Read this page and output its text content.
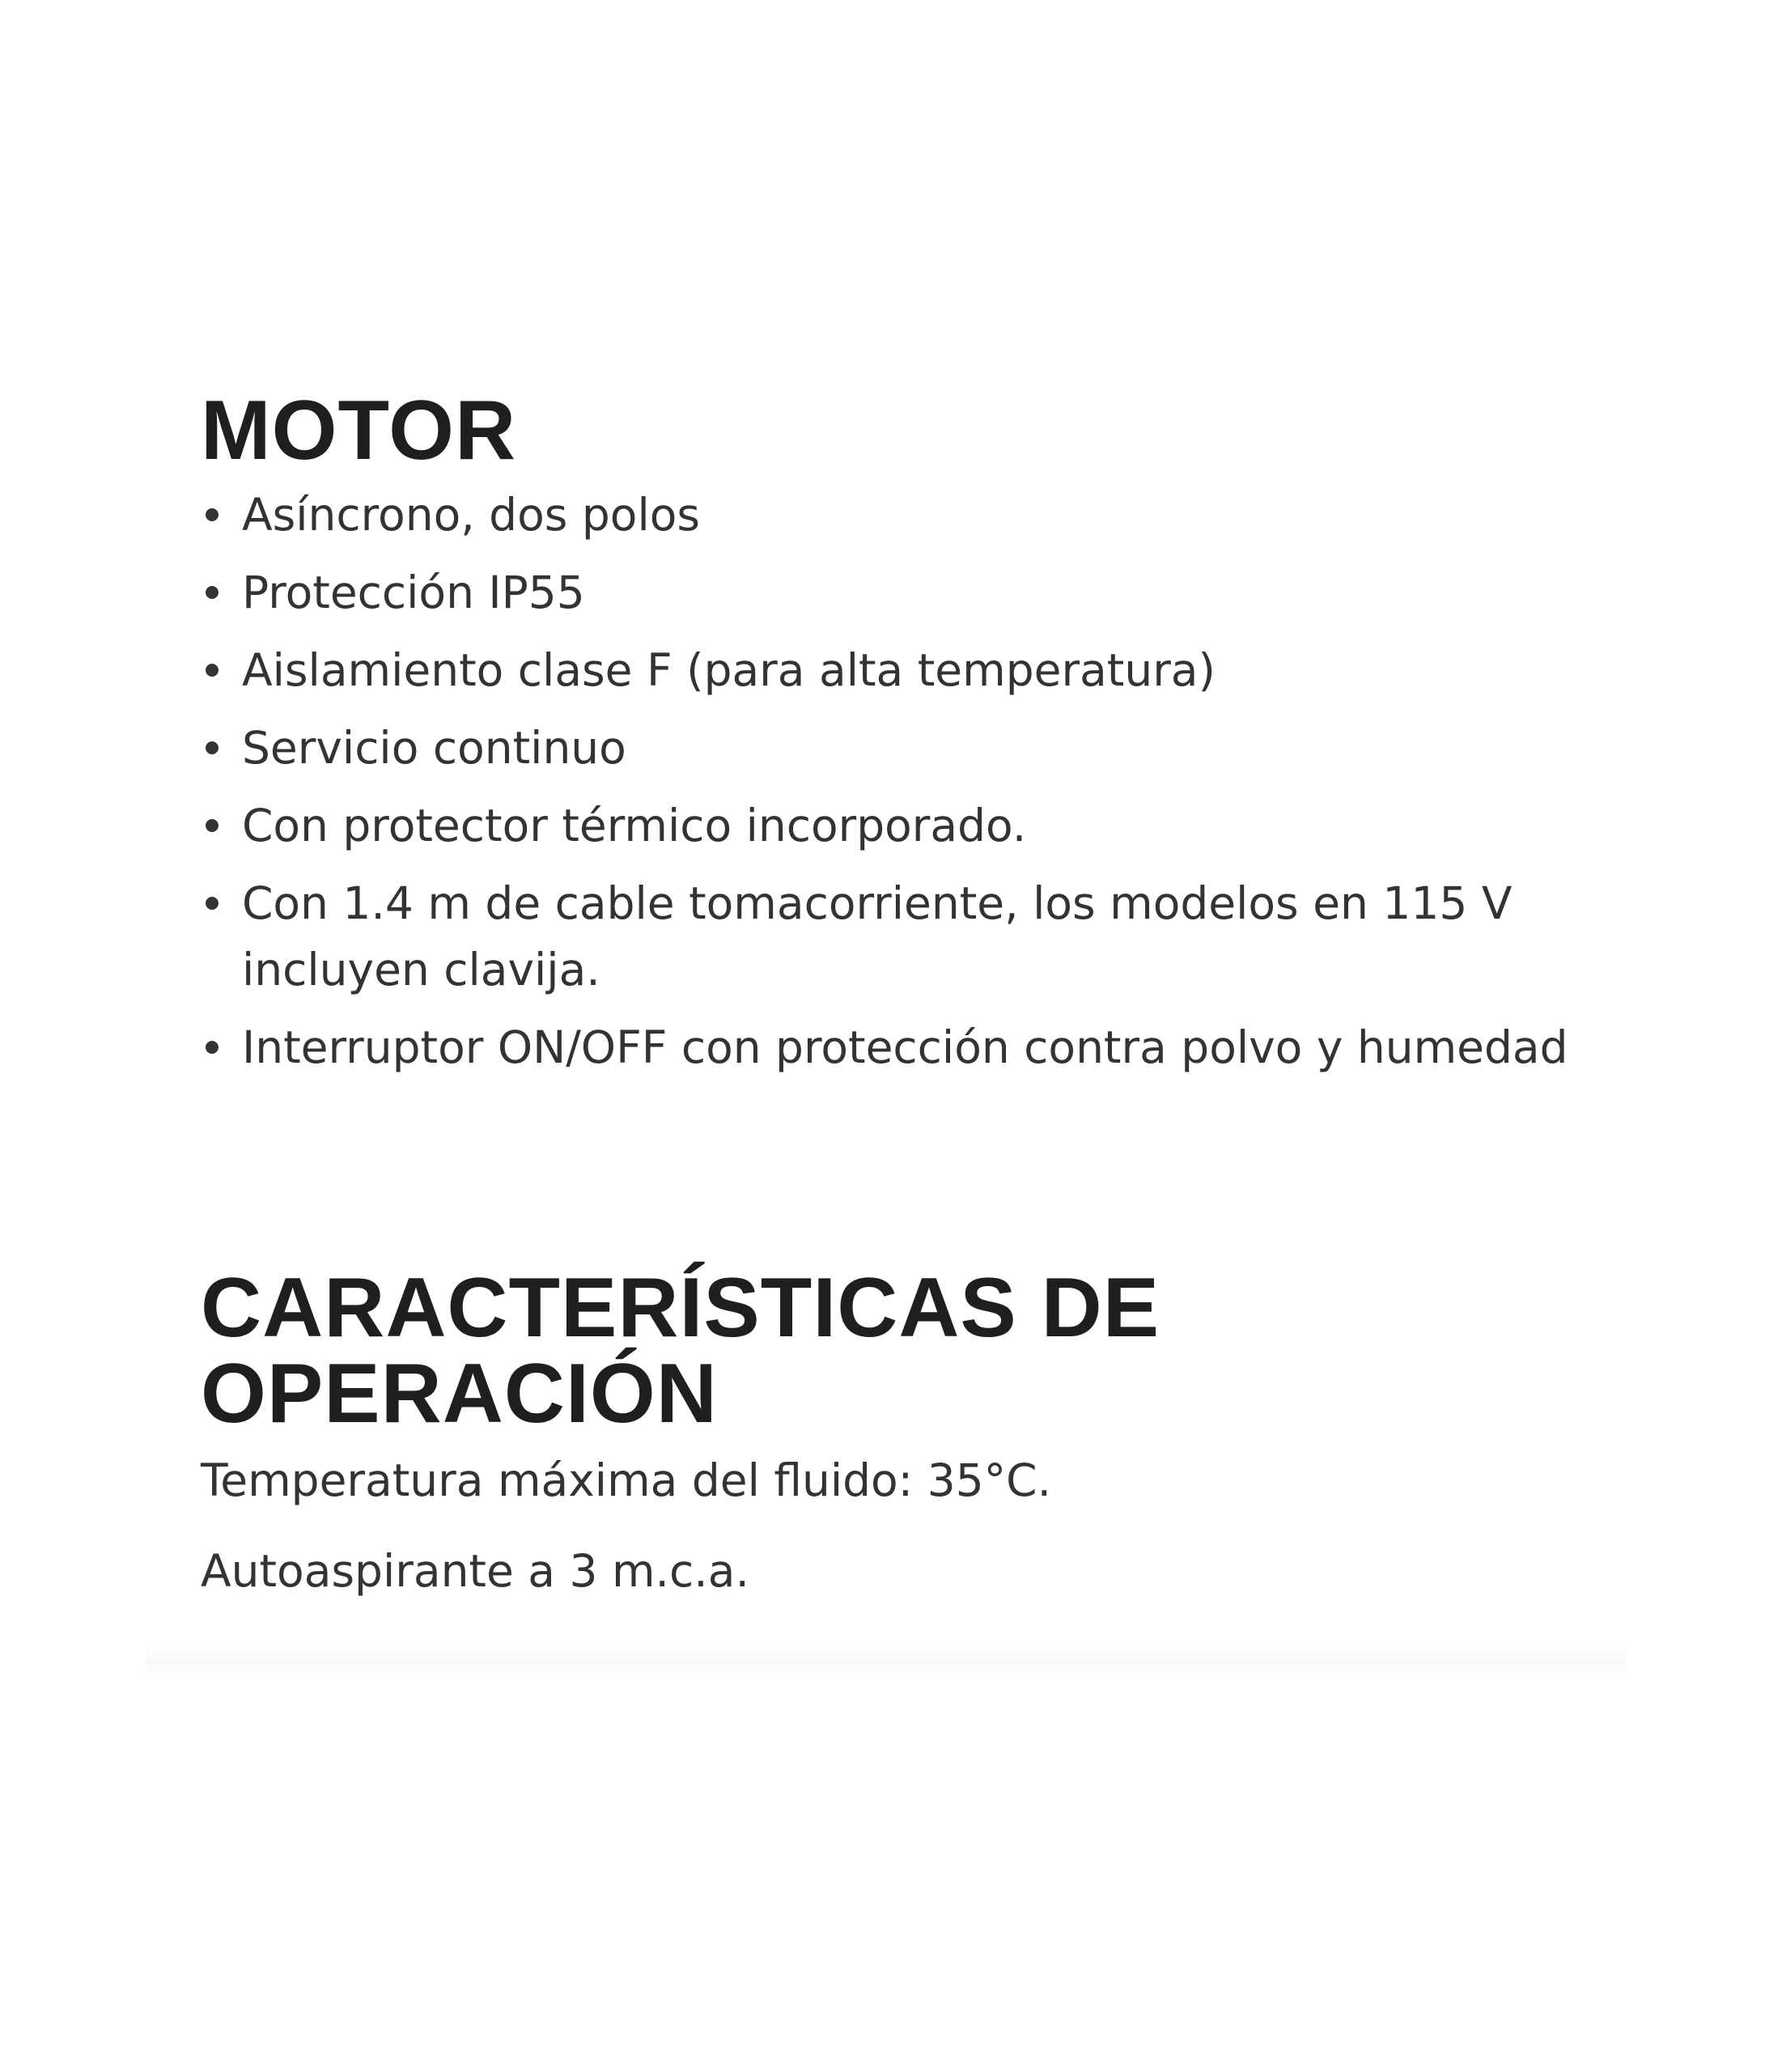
MOTOR
Asíncrono, dos polos
Protección IP55
Aislamiento clase F (para alta temperatura)
Servicio continuo
Con protector térmico incorporado.
Con 1.4 m de cable tomacorriente, los modelos en 115 V incluyen clavija.
Interruptor ON/OFF con protección contra polvo y humedad
CARACTERÍSTICAS DE
OPERACIÓN

Temperatura máxima del fluido: 35°C.

Autoaspirante a 3 m.c.a.
